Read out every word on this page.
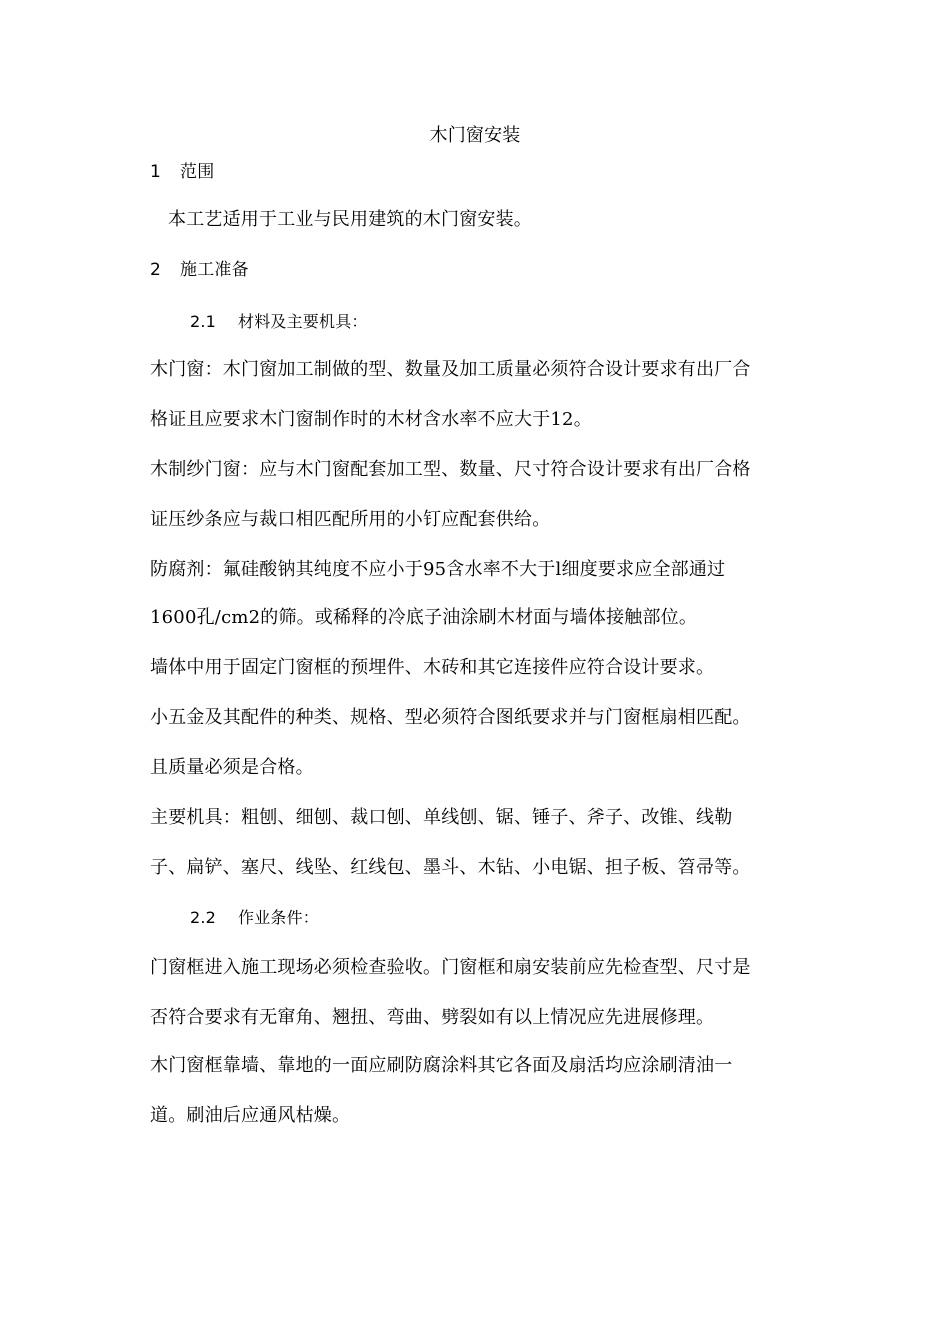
木门窗安装
1 范围
本工艺适用于工业与民用建筑的木门窗安装。
2 施工准备
2.1 材料及主要机具：
木门窗：木门窗加工制做的型、数量及加工质量必须符合设计要求有出厂合
格证且应要求木门窗制作时的木材含水率不应大于12。
木制纱门窗：应与木门窗配套加工型、数量、尺寸符合设计要求有出厂合格
证压纱条应与裁口相匹配所用的小钉应配套供给。
防腐剂：氟硅酸钠其纯度不应小于95含水率不大于l细度要求应全部通过
1600孔/cm2的筛。或稀释的冷底子油涂刷木材面与墙体接触部位。
墙体中用于固定门窗框的预埋件、木砖和其它连接件应符合设计要求。
小五金及其配件的种类、规格、型必须符合图纸要求并与门窗框扇相匹配。
且质量必须是合格。
主要机具：粗刨、细刨、裁口刨、单线刨、锯、锤子、斧子、改锥、线勒
子、扁铲、塞尺、线坠、红线包、墨斗、木钻、小电锯、担子板、笤帚等。
2.2 作业条件：
门窗框进入施工现场必须检查验收。门窗框和扇安装前应先检查型、尺寸是
否符合要求有无窜角、翘扭、弯曲、劈裂如有以上情况应先进展修理。
木门窗框靠墙、靠地的一面应刷防腐涂料其它各面及扇活均应涂刷清油一
道。刷油后应通风枯燥。
